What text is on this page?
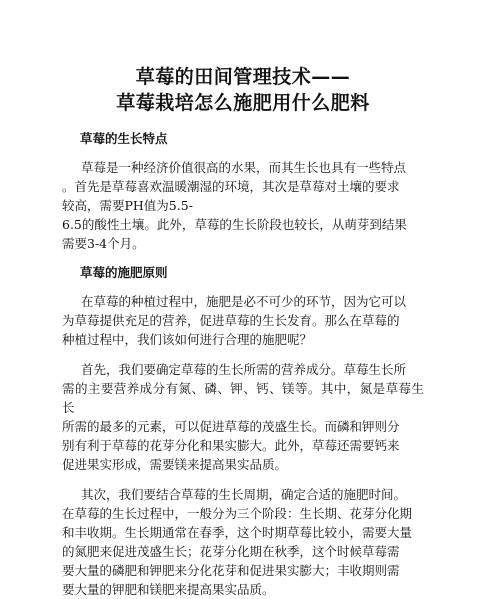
草莓的田间管理技术——
草莓栽培怎么施肥用什么肥料
草莓的生长特点

草莓是一种经济价值很高的水果，而其生长也具有一些特点
。首先是草莓喜欢温暖潮湿的环境，其次是草莓对土壤的要求
较高，需要PH值为5.5-
6.5的酸性土壤。此外，草莓的生长阶段也较长，从萌芽到结果
需要3-4个月。

草莓的施肥原则

在草莓的种植过程中，施肥是必不可少的环节，因为它可以
为草莓提供充足的营养，促进草莓的生长发育。那么在草莓的
种植过程中，我们该如何进行合理的施肥呢？

首先，我们要确定草莓的生长所需的营养成分。草莓生长所
需的主要营养成分有氮、磷、钾、钙、镁等。其中，氮是草莓生长
所需的最多的元素，可以促进草莓的茂盛生长。而磷和钾则分
别有利于草莓的花芽分化和果实膨大。此外，草莓还需要钙来
促进果实形成，需要镁来提高果实品质。

其次，我们要结合草莓的生长周期，确定合适的施肥时间。
在草莓的生长过程中，一般分为三个阶段：生长期、花芽分化期
和丰收期。生长期通常在春季，这个时期草莓比较小，需要大量
的氮肥来促进茂盛生长；花芽分化期在秋季，这个时候草莓需
要大量的磷肥和钾肥来分化花芽和促进果实膨大；丰收期则需
要大量的钾肥和镁肥来提高果实品质。
